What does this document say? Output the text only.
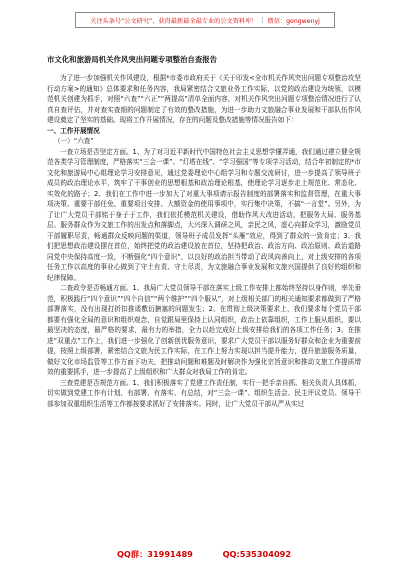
关注头条号“公文研究”，获得最新最全最专业的公文资料库！ | 微信：gongwenyj
市文化和旅游局机关作风突出问题专项整治自查报告

为了进一步加强机关作风建设，根据*市委市政府关于《关于印发<全市机关作风突出问题专项整治攻坚行动方案>的通知》总体要求和任务内容，我局紧密结合文旅业务工作实际，以党的政治建设为统领，以模范机关创建为抓手，对照“六查”“六正”“两提高”清单全面内容，对机关作风突出问题专项整治情况进行了认真自查评估，并对查实查细的问题制定了有效的整改措施，为进一步助力文旅融合事业发展和干部队伍作风建设奠定了坚实的基础。现将工作开展情况，存在的问题及整改措施等情况报告如下：

一、工作开展情况

（一）“六查”

一查立场是否坚定方面。1、为了对习近平新时代中国特色社会主义思想学懂弄通，我们通过建立健全规范各类学习管理制度，严格落实“三会一课”、“灯塔在线”、“学习强国”等专项学习活动，结合年初制定的*市文化和旅游局中心组理论学习安排意见，通过党委理论中心组学习和专题交流研讨，进一步提高了领导班子成员的政治理论水平，筑牢了干事创业的思想根基和政治理论根基，使理论学习逐步走上规范化、常态化、实效化的路子；2、我们在工作中进一步加大了对重大事项请示报告制度的部署落实和监督管理，在重大事项决策、重要干部任免、重要项目安排、大额资金的使用事项中，实行集中决策，不搞“一言堂”。另外，为了让广大党员干部铭于身子于工作，我们依托模范机关建设，借助作风大改进活动，把服务大局、服务基层、服务群众作为文旅工作的出发点和落脚点，大兴深入调研之风，亲民之风，虚心向群众学习，激励党员干部履职尽责，畅通群众反映问题的渠道，领导班子成员发挥“头雁”效应，得到了群众的一致肯定；3、我们把思想政治建设摆在首位，始终把党的政治建设放在首位，坚持把政治、政治方向、政治原则、政治道路同党中央保持高度一致，不断强化“四个意识”，以良好的政治担当带动了政风向善向上，对上级安排的各项任务工作以高度的事业心做到了守土有责、守土尽责，为文旅融合事业发展和文旅兴国提供了良好的组织和纪律保障。

二查政令是否畅通方面。1、我局广大党员领导干部在落实上级工作安排上都始终坚持以身作则，率先垂范，积极践行“四个意识”“四个自信”“两个维护”“四个服从”，对上级相关部门的相关通知要求都做到了严格部署落实，没有出现打折扣推诿敷衍搪塞的问题发生；2、在贯彻上级决策要求上，我们要求每个党员干部都要有强化全局的意识和组织观念，自觉跟局里保持上认同组织，政治上依靠组织，工作上服从组织，要以最坚决的态度，最严格的要求，最有力的举措，全力以赴完成好上级安排给我们的各项工作任务；3、在推进“双重点”工作上，我们进一步强化了创新创优服务意识，要求广大党员干部以服务好群众和企业为重要前提，按照上级部署，紧密结合文旅为民工作实际，在工作上努力实现以担当提升能力，提升旅游服务质量，做好文化市场监管等工作方面下功夫，把推动问题和难题及时解决作为强化宗旨意识和推动文旅工作提质增效的重要抓手，进一步提高了上级组织和广大群众对我局工作的肯定。

三查党建是否规范方面。1、我们积极落实了党建工作责任制，实行一把手亲自抓、相关负责人具体抓，切实做到党建工作有计划、有部署、有落实、有总结，对“三会一课”、组织生活会、民主评议党员、领导干部参加双重组织生活等工作都按要求抓好了安排落实。同时，让广大党员干部从严从实过

QQ群：31991489	QQ:535304092
